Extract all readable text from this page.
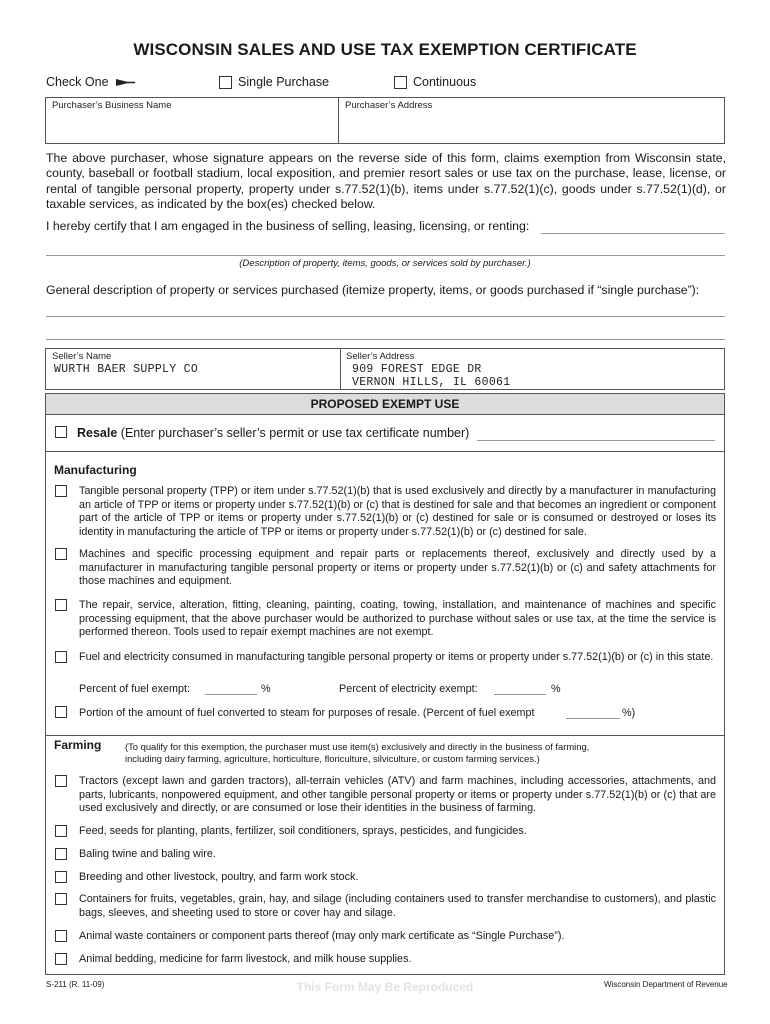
WISCONSIN SALES AND USE TAX EXEMPTION CERTIFICATE
Check One	Single Purchase	Continuous
Purchaser’s Business Name	Purchaser’s Address
The above purchaser, whose signature appears on the reverse side of this form, claims exemption from Wisconsin state, county, baseball or football stadium, local exposition, and premier resort sales or use tax on the purchase, lease, license, or rental of tangible personal property, property under s.77.52(1)(b), items under s.77.52(1)(c), goods under s.77.52(1)(d), or taxable services, as indicated by the box(es) checked below.
I hereby certify that I am engaged in the business of selling, leasing, licensing, or renting:
(Description of property, items, goods, or services sold by purchaser.)
General description of property or services purchased (itemize property, items, or goods purchased if “single purchase”):
Seller’s Name
WURTH BAER SUPPLY CO
Seller’s Address
909 FOREST EDGE DR
VERNON HILLS, IL 60061
PROPOSED EXEMPT USE
Resale (Enter purchaser’s seller’s permit or use tax certificate number)
Manufacturing
Tangible personal property (TPP) or item under s.77.52(1)(b) that is used exclusively and directly by a manufacturer in manufacturing an article of TPP or items or property under s.77.52(1)(b) or (c) that is destined for sale and that becomes an ingredient or component part of the article of TPP or items or property under s.77.52(1)(b) or (c) destined for sale or is consumed or destroyed or loses its identity in manufacturing the article of TPP or items or property under s.77.52(1)(b) or (c) destined for sale.
Machines and specific processing equipment and repair parts or replacements thereof, exclusively and directly used by a manufacturer in manufacturing tangible personal property or items or property under s.77.52(1)(b) or (c) and safety attachments for those machines and equipment.
The repair, service, alteration, fitting, cleaning, painting, coating, towing, installation, and maintenance of machines and specific processing equipment, that the above purchaser would be authorized to purchase without sales or use tax, at the time the service is performed thereon. Tools used to repair exempt machines are not exempt.
Fuel and electricity consumed in manufacturing tangible personal property or items or property under s.77.52(1)(b) or (c) in this state.
Percent of fuel exempt:	%	Percent of electricity exempt:	%
Portion of the amount of fuel converted to steam for purposes of resale. (Percent of fuel exempt	%)
Farming	(To qualify for this exemption, the purchaser must use item(s) exclusively and directly in the business of farming,
including dairy farming, agriculture, horticulture, floriculture, silviculture, or custom farming services.)
Tractors (except lawn and garden tractors), all-terrain vehicles (ATV) and farm machines, including accessories, attachments, and parts, lubricants, nonpowered equipment, and other tangible personal property or items or property under s.77.52(1)(b) or (c) that are used exclusively and directly, or are consumed or lose their identities in the business of farming.
Feed, seeds for planting, plants, fertilizer, soil conditioners, sprays, pesticides, and fungicides.
Baling twine and baling wire.
Breeding and other livestock, poultry, and farm work stock.
Containers for fruits, vegetables, grain, hay, and silage (including containers used to transfer merchandise to customers), and plastic bags, sleeves, and sheeting used to store or cover hay and silage.
Animal waste containers or component parts thereof (may only mark certificate as “Single Purchase”).
Animal bedding, medicine for farm livestock, and milk house supplies.
S-211 (R. 11-09)	This Form May Be Reproduced	Wisconsin Department of Revenue
